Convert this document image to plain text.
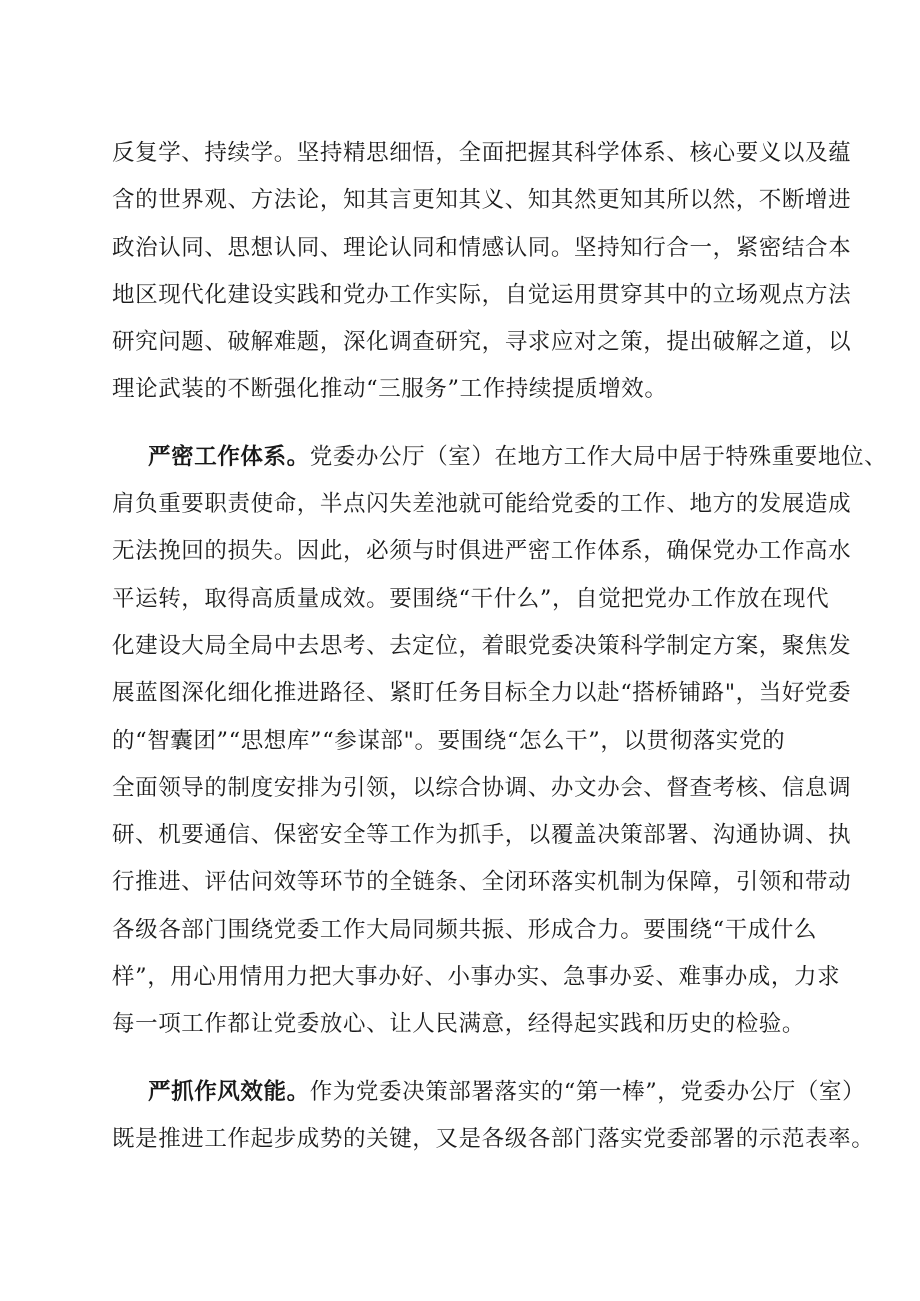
反复学、持续学。坚持精思细悟，全面把握其科学体系、核心要义以及蕴
含的世界观、方法论，知其言更知其义、知其然更知其所以然，不断增进
政治认同、思想认同、理论认同和情感认同。坚持知行合一，紧密结合本
地区现代化建设实践和党办工作实际，自觉运用贯穿其中的立场观点方法
研究问题、破解难题，深化调查研究，寻求应对之策，提出破解之道，以
理论武装的不断强化推动“三服务”工作持续提质增效。
严密工作体系。党委办公厅（室）在地方工作大局中居于特殊重要地位、
肩负重要职责使命，半点闪失差池就可能给党委的工作、地方的发展造成
无法挽回的损失。因此，必须与时俱进严密工作体系，确保党办工作高水
平运转，取得高质量成效。要围绕“干什么”，自觉把党办工作放在现代
化建设大局全局中去思考、去定位，着眼党委决策科学制定方案，聚焦发
展蓝图深化细化推进路径、紧盯任务目标全力以赴“搭桥铺路"，当好党委
的“智囊团”“思想库”“参谋部"。要围绕“怎么干”，以贯彻落实党的
全面领导的制度安排为引领，以综合协调、办文办会、督查考核、信息调
研、机要通信、保密安全等工作为抓手，以覆盖决策部署、沟通协调、执
行推进、评估问效等环节的全链条、全闭环落实机制为保障，引领和带动
各级各部门围绕党委工作大局同频共振、形成合力。要围绕“干成什么
样”，用心用情用力把大事办好、小事办实、急事办妥、难事办成，力求
每一项工作都让党委放心、让人民满意，经得起实践和历史的检验。
严抓作风效能。作为党委决策部署落实的“第一棒”，党委办公厅（室）
既是推进工作起步成势的关键，又是各级各部门落实党委部署的示范表率。
